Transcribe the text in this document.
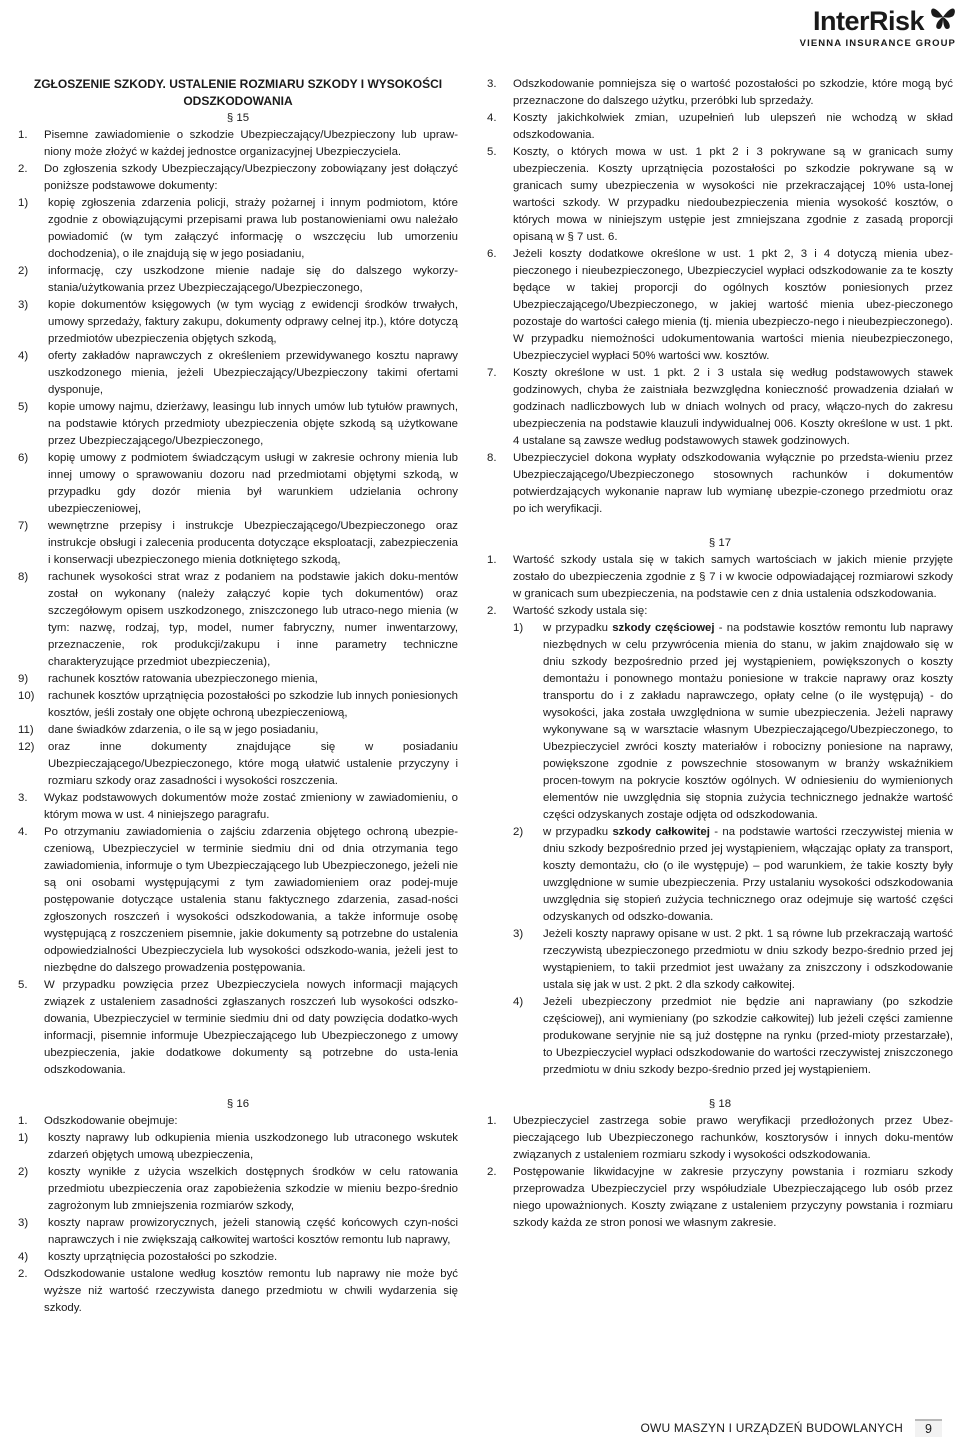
InterRisk
VIENNA INSURANCE GROUP
ZGŁOSZENIE SZKODY. USTALENIE ROZMIARU SZKODY I WYSOKOŚCI ODSZKODOWANIA
§ 15
1.	Pisemne zawiadomienie o szkodzie Ubezpieczający/Ubezpieczony lub upraw-niony może złożyć w każdej jednostce organizacyjnej Ubezpieczyciela.
2.	Do zgłoszenia szkody Ubezpieczający/Ubezpieczony zobowiązany jest dołączyć poniższe podstawowe dokumenty:
1)	kopię zgłoszenia zdarzenia policji, straży pożarnej i innym podmiotom, które zgodnie z obowiązującymi przepisami prawa lub postanowieniami owu należało powiadomić (w tym załączyć informację o wszczęciu lub umorzeniu dochodzenia), o ile znajdują się w jego posiadaniu,
2)	informację, czy uszkodzone mienie nadaje się do dalszego wykorzy-stania/użytkowania przez Ubezpieczającego/Ubezpieczonego,
3)	kopie dokumentów księgowych (w tym wyciąg z ewidencji środków trwałych, umowy sprzedaży, faktury zakupu, dokumenty odprawy celnej itp.), które dotyczą przedmiotów ubezpieczenia objętych szkodą,
4)	oferty zakładów naprawczych z określeniem przewidywanego kosztu naprawy uszkodzonego mienia, jeżeli Ubezpieczający/Ubezpieczony takimi ofertami dysponuje,
5)	kopie umowy najmu, dzierżawy, leasingu lub innych umów lub tytułów prawnych, na podstawie których przedmioty ubezpieczenia objęte szkodą są użytkowane przez Ubezpieczającego/Ubezpieczonego,
6)	kopię umowy z podmiotem świadczącym usługi w zakresie ochrony mienia lub innej umowy o sprawowaniu dozoru nad przedmiotami objętymi szkodą, w przypadku gdy dozór mienia był warunkiem udzielania ochrony ubezpieczeniowej,
7)	wewnętrzne przepisy i instrukcje Ubezpieczającego/Ubezpieczonego oraz instrukcje obsługi i zalecenia producenta dotyczące eksploatacji, zabezpieczenia i konserwacji ubezpieczonego mienia dotkniętego szkodą,
8)	rachunek wysokości strat wraz z podaniem na podstawie jakich doku-mentów został on wykonany (należy załączyć kopie tych dokumentów) oraz szczegółowym opisem uszkodzonego, zniszczonego lub utraco-nego mienia (w tym: nazwę, rodzaj, typ, model, numer fabryczny, numer inwentarzowy, przeznaczenie, rok produkcji/zakupu i inne parametry techniczne charakteryzujące przedmiot ubezpieczenia),
9)	rachunek kosztów ratowania ubezpieczonego mienia,
10)	rachunek kosztów uprzątnięcia pozostałości po szkodzie lub innych poniesionych kosztów, jeśli zostały one objęte ochroną ubezpieczeniową,
11)	dane świadków zdarzenia, o ile są w jego posiadaniu,
12)	oraz inne dokumenty znajdujące się w posiadaniu Ubezpieczającego/Ubezpieczonego, które mogą ułatwić ustalenie przyczyny i rozmiaru szkody oraz zasadności i wysokości roszczenia.
3.	Wykaz podstawowych dokumentów może zostać zmieniony w zawiadomieniu, o którym mowa w ust. 4 niniejszego paragrafu.
4.	Po otrzymaniu zawiadomienia o zajściu zdarzenia objętego ochroną ubezpie-czeniową, Ubezpieczyciel w terminie siedmiu dni od dnia otrzymania tego zawiadomienia, informuje o tym Ubezpieczającego lub Ubezpieczonego, jeżeli nie są oni osobami występującymi z tym zawiadomieniem oraz podej-muje postępowanie dotyczące ustalenia stanu faktycznego zdarzenia, zasad-ności zgłoszonych roszczeń i wysokości odszkodowania, a także informuje osobę występującą z roszczeniem pisemnie, jakie dokumenty są potrzebne do ustalenia odpowiedzialności Ubezpieczyciela lub wysokości odszkodo-wania, jeżeli jest to niezbędne do dalszego prowadzenia postępowania.
5.	W przypadku powzięcia przez Ubezpieczyciela nowych informacji mających związek z ustaleniem zasadności zgłaszanych roszczeń lub wysokości odszko-dowania, Ubezpieczyciel w terminie siedmiu dni od daty powzięcia dodatko-wych informacji, pisemnie informuje Ubezpieczającego lub Ubezpieczonego z umowy ubezpieczenia, jakie dodatkowe dokumenty są potrzebne do usta-lenia odszkodowania.
§ 16
1.	Odszkodowanie obejmuje:
1)	koszty naprawy lub odkupienia mienia uszkodzonego lub utraconego wskutek zdarzeń objętych umową ubezpieczenia,
2)	koszty wynikłe z użycia wszelkich dostępnych środków w celu ratowania przedmiotu ubezpieczenia oraz zapobieżenia szkodzie w mieniu bezpo-średnio zagrożonym lub zmniejszenia rozmiarów szkody,
3)	koszty napraw prowizorycznych, jeżeli stanowią część końcowych czyn-ności naprawczych i nie zwiększają całkowitej wartości kosztów remontu lub naprawy,
4)	koszty uprzątnięcia pozostałości po szkodzie.
2.	Odszkodowanie ustalone według kosztów remontu lub naprawy nie może być wyższe niż wartość rzeczywista danego przedmiotu w chwili wydarzenia się szkody.
3.	Odszkodowanie pomniejsza się o wartość pozostałości po szkodzie, które mogą być przeznaczone do dalszego użytku, przeróbki lub sprzedaży.
4.	Koszty jakichkolwiek zmian, uzupełnień lub ulepszeń nie wchodzą w skład odszkodowania.
5.	Koszty, o których mowa w ust. 1 pkt 2 i 3 pokrywane są w granicach sumy ubezpieczenia. Koszty uprzątnięcia pozostałości po szkodzie pokrywane są w granicach sumy ubezpieczenia w wysokości nie przekraczającej 10% usta-lonej wartości szkody. W przypadku niedoubezpieczenia mienia wysokość kosztów, o których mowa w niniejszym ustępie jest zmniejszana zgodnie z zasadą proporcji opisaną w § 7 ust. 6.
6.	Jeżeli koszty dodatkowe określone w ust. 1 pkt 2, 3 i 4 dotyczą mienia ubez-pieczonego i nieubezpieczonego, Ubezpieczyciel wypłaci odszkodowanie za te koszty będące w takiej proporcji do ogólnych kosztów poniesionych przez Ubezpieczającego/Ubezpieczonego, w jakiej wartość mienia ubez-pieczonego pozostaje do wartości całego mienia (tj. mienia ubezpieczo-nego i nieubezpieczonego). W przypadku niemożności udokumentowania wartości mienia nieubezpieczonego, Ubezpieczyciel wypłaci 50% wartości ww. kosztów.
7.	Koszty określone w ust. 1 pkt. 2 i 3 ustala się według podstawowych stawek godzinowych, chyba że zaistniała bezwzględna konieczność prowadzenia działań w godzinach nadliczbowych lub w dniach wolnych od pracy, włączo-nych do zakresu ubezpieczenia na podstawie klauzuli indywidualnej 006. Koszty określone w ust. 1 pkt. 4 ustalane są zawsze według podstawowych stawek godzinowych.
8.	Ubezpieczyciel dokona wypłaty odszkodowania wyłącznie po przedsta-wieniu przez Ubezpieczającego/Ubezpieczonego stosownych rachunków i dokumentów potwierdzających wykonanie napraw lub wymianę ubezpie-czonego przedmiotu oraz po ich weryfikacji.
§ 17
1.	Wartość szkody ustala się w takich samych wartościach w jakich mienie przyjęte zostało do ubezpieczenia zgodnie z § 7 i w kwocie odpowiadającej rozmiarowi szkody w granicach sum ubezpieczenia, na podstawie cen z dnia ustalenia odszkodowania.
2.	Wartość szkody ustala się:
1)	w przypadku szkody częściowej - na podstawie kosztów remontu lub naprawy niezbędnych w celu przywrócenia mienia do stanu, w jakim znajdowało się w dniu szkody bezpośrednio przed jej wystąpieniem, powiększonych o koszty demontażu i ponownego montażu poniesione w trakcie naprawy oraz koszty transportu do i z zakładu naprawczego, opłaty celne (o ile występują) - do wysokości, jaka została uwzględniona w sumie ubezpieczenia. Jeżeli naprawy wykonywane są w warsztacie własnym Ubezpieczającego/Ubezpieczonego, to Ubezpieczyciel zwróci koszty materiałów i robocizny poniesione na naprawy, powiększone zgodnie z powszechnie stosowanym w branży wskaźnikiem procen-towym na pokrycie kosztów ogólnych. W odniesieniu do wymienionych elementów nie uwzględnia się stopnia zużycia technicznego jednakże wartość części odzyskanych zostaje odjęta od odszkodowania.
2)	w przypadku szkody całkowitej - na podstawie wartości rzeczywistej mienia w dniu szkody bezpośrednio przed jej wystąpieniem, włączając opłaty za transport, koszty demontażu, cło (o ile występuje) – pod warunkiem, że takie koszty były uwzględnione w sumie ubezpieczenia. Przy ustalaniu wysokości odszkodowania uwzględnia się stopień zużycia technicznego oraz odejmuje się wartość części odzyskanych od odszko-dowania.
3)	Jeżeli koszty naprawy opisane w ust. 2 pkt. 1 są równe lub przekraczają wartość rzeczywistą ubezpieczonego przedmiotu w dniu szkody bezpo-średnio przed jej wystąpieniem, to takii przedmiot jest uważany za zniszczony i odszkodowanie ustala się jak w ust. 2 pkt. 2 dla szkody całkowitej.
4)	Jeżeli ubezpieczony przedmiot nie będzie ani naprawiany (po szkodzie częściowej), ani wymieniany (po szkodzie całkowitej) lub jeżeli części zamienne produkowane seryjnie nie są już dostępne na rynku (przed-mioty przestarzałe), to Ubezpieczyciel wypłaci odszkodowanie do wartości rzeczywistej zniszczonego przedmiotu w dniu szkody bezpo-średnio przed jej wystąpieniem.
§ 18
1.	Ubezpieczyciel zastrzega sobie prawo weryfikacji przedłożonych przez Ubez-pieczającego lub Ubezpieczonego rachunków, kosztorysów i innych doku-mentów związanych z ustaleniem rozmiaru szkody i wysokości odszkodowania.
2.	Postępowanie likwidacyjne w zakresie przyczyny powstania i rozmiaru szkody przeprowadza Ubezpieczyciel przy współudziale Ubezpieczającego lub osób przez niego upoważnionych. Koszty związane z ustaleniem przyczyny powstania i rozmiaru szkody każda ze stron ponosi we własnym zakresie.
OWU MASZYN I URZĄDZEŃ BUDOWLANYCH	9
